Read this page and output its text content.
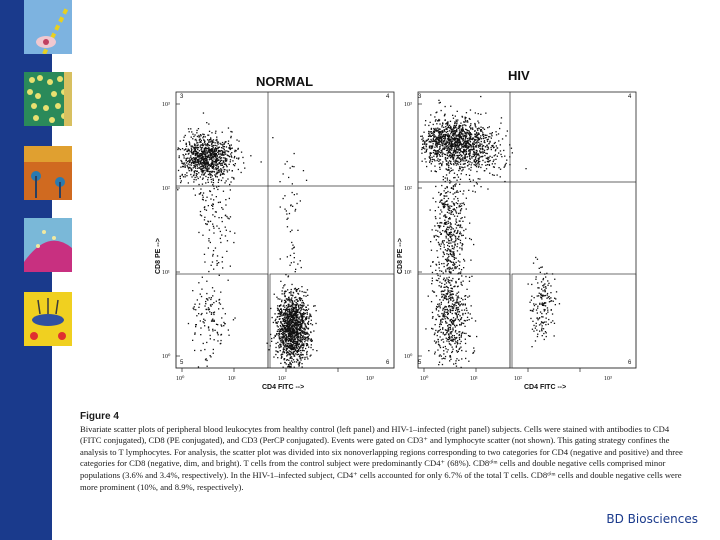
NORMAL
CD8 PE -->
CD4 FITC -->
3	4
5	6
10³
10²
10¹
10⁰
10⁰	10¹	10²	10³
HIV
CD8 PE -->
CD4 FITC -->
3	4
5	6
10³
10²
10¹
10⁰
10⁰	10¹	10²	10³
Figure 4
Bivariate scatter plots of peripheral blood leukocytes from healthy control (left panel) and HIV-1–infected (right panel) subjects. Cells were stained with antibodies to CD4 (FITC conjugated), CD8 (PE conjugated), and CD3 (PerCP conjugated). Events were gated on CD3⁺ and lymphocyte scatter (not shown). This gating strategy confines the analysis to T lymphocytes. For analysis, the scatter plot was divided into six nonoverlapping regions corresponding to two categories for CD4 (negative and positive) and three categories for CD8 (negative, dim, and bright). T cells from the control subject were predominantly CD4⁺ (68%). CD8ᵈⁱᵐ cells and double negative cells comprised minor populations (3.6% and 3.4%, respectively). In the HIV-1–infected subject, CD4⁺ cells accounted for only 6.7% of the total T cells. CD8ᵈⁱᵐ cells and double negative cells were more prominent (10%, and 8.9%, respectively).
BD Biosciences
